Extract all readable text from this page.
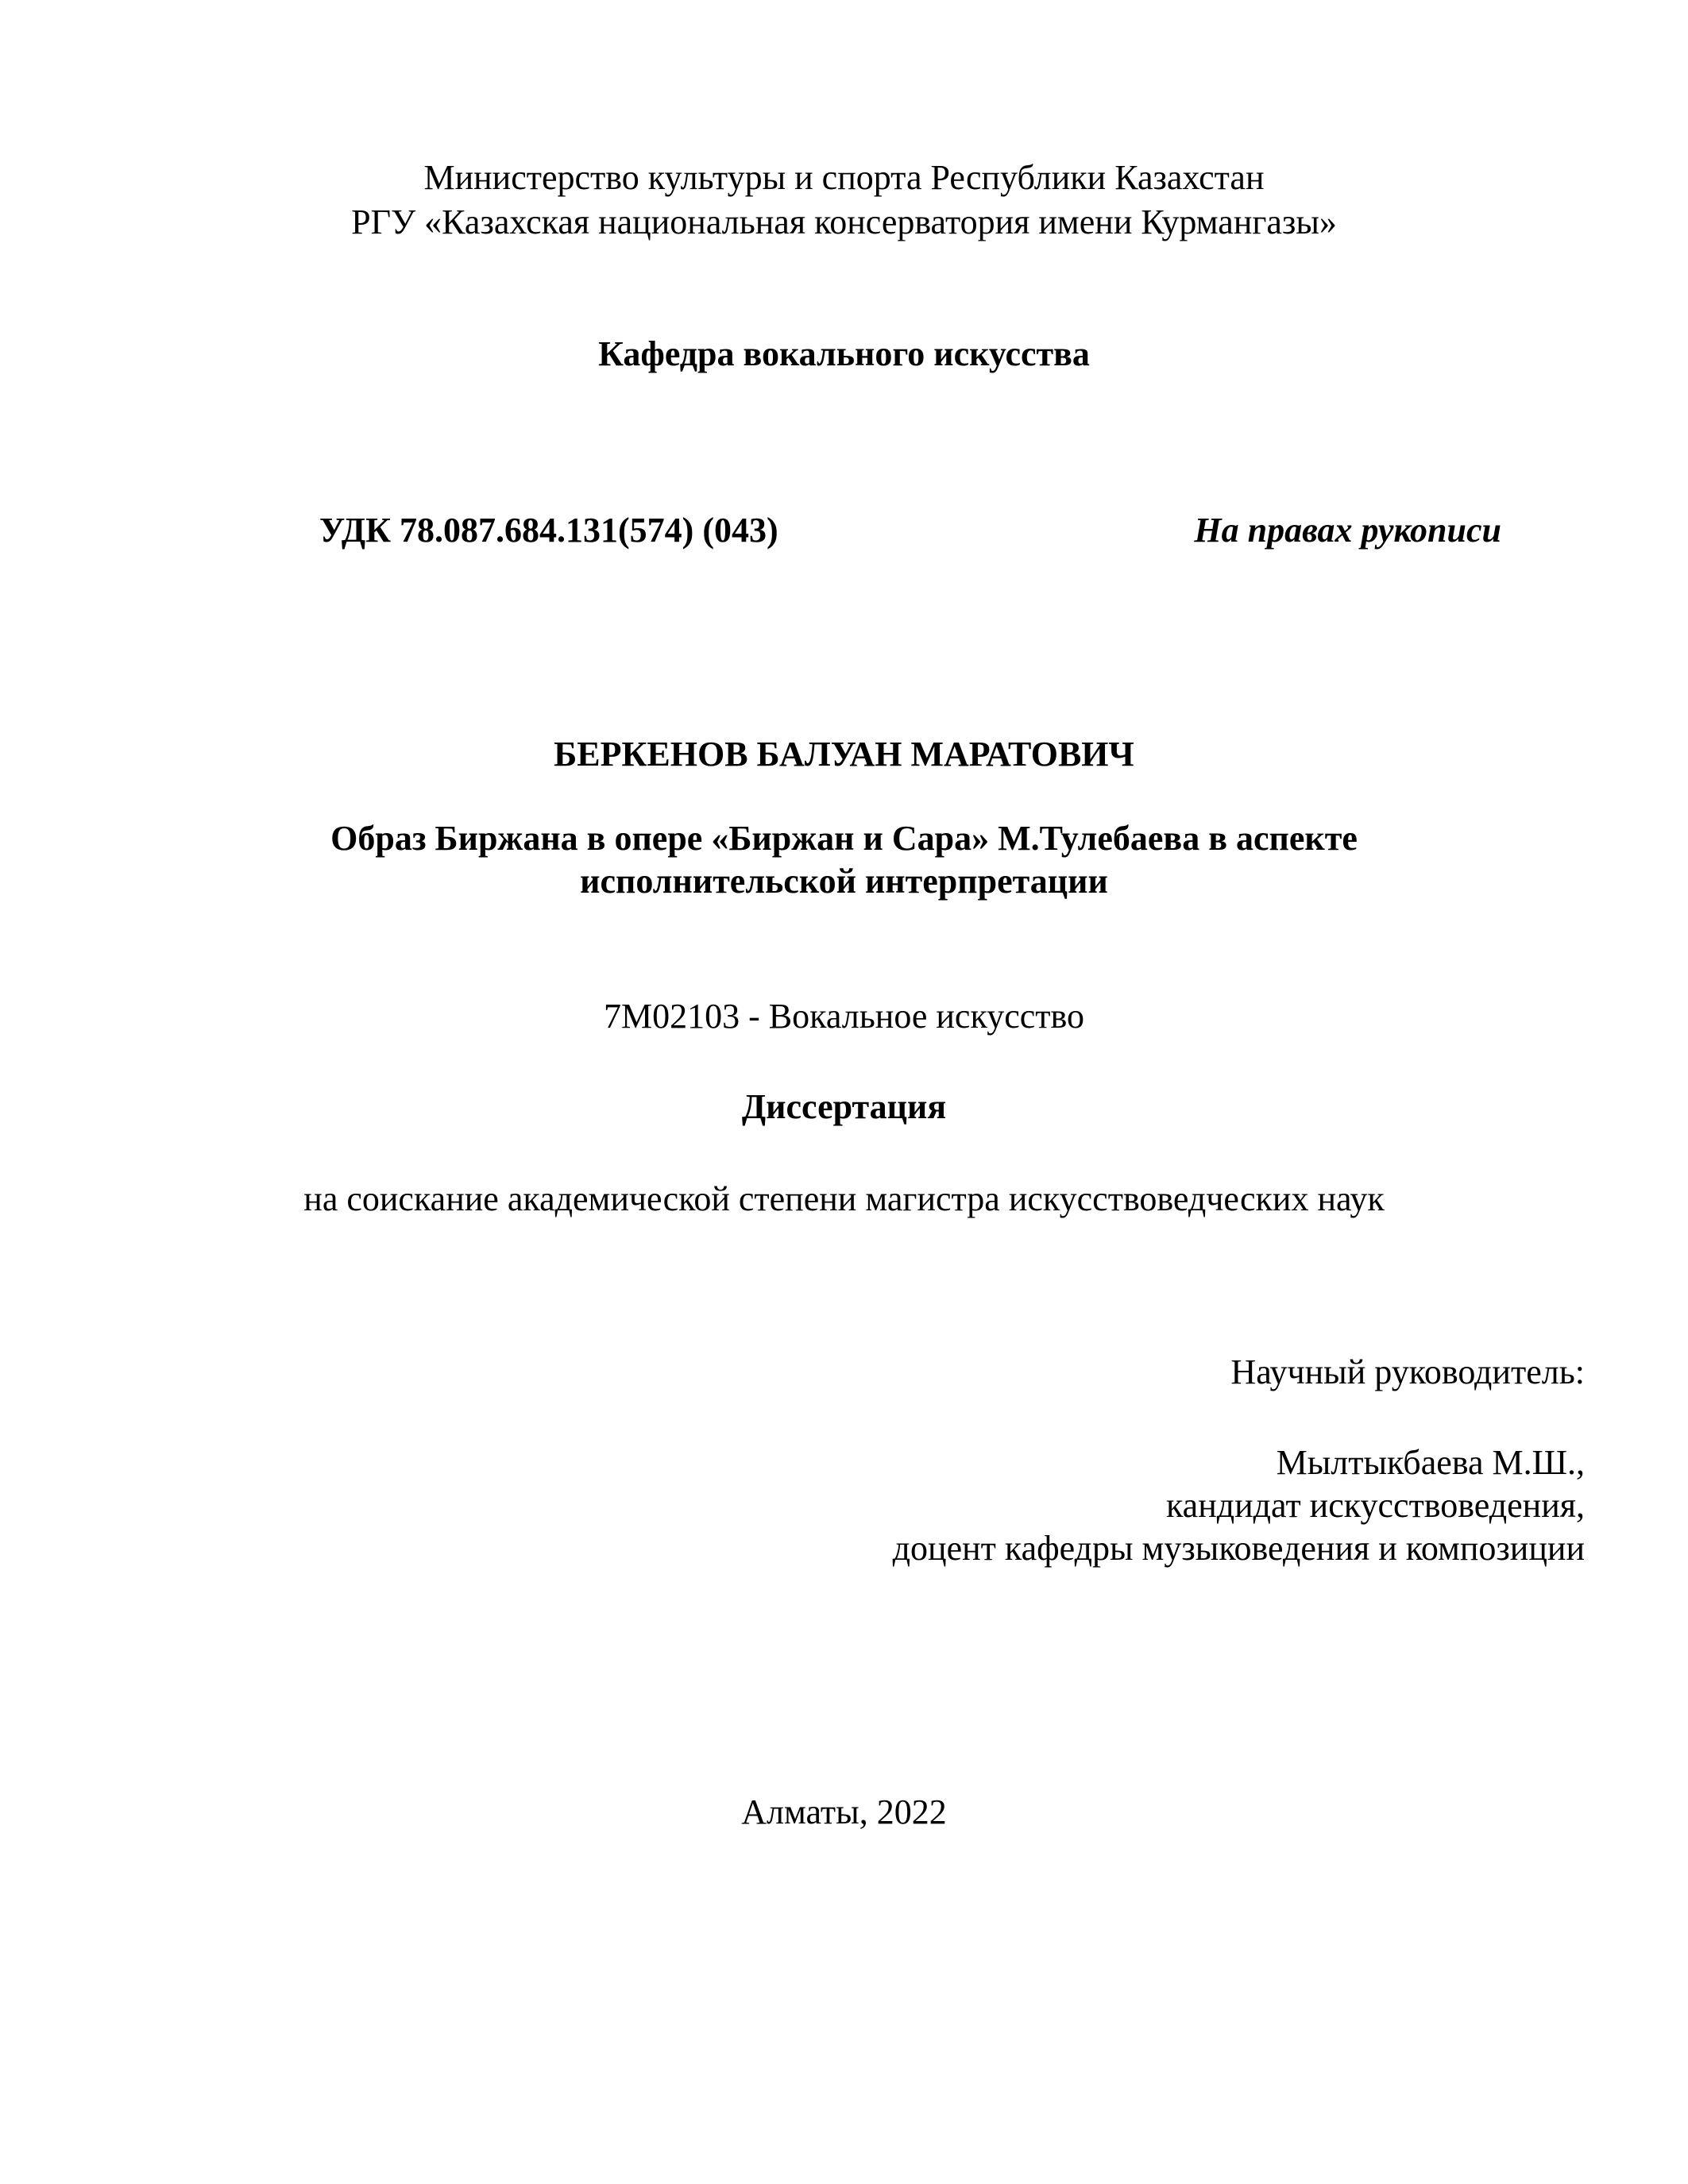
Министерство культуры и спорта Республики Казахстан
РГУ «Казахская национальная консерватория имени Курмангазы»
Кафедра вокального искусства
УДК 78.087.684.131(574) (043)	На правах рукописи
БЕРКЕНОВ БАЛУАН МАРАТОВИЧ
Образ Биржана в опере «Биржан и Сара» М.Тулебаева в аспекте
исполнительской интерпретации
7M02103 - Вокальное искусство
Диссертация
на соискание академической степени магистра искусствоведческих наук
Научный руководитель:
Мылтыкбаева М.Ш.,
кандидат искусствоведения,
доцент кафедры музыковедения и композиции
Алматы, 2022
